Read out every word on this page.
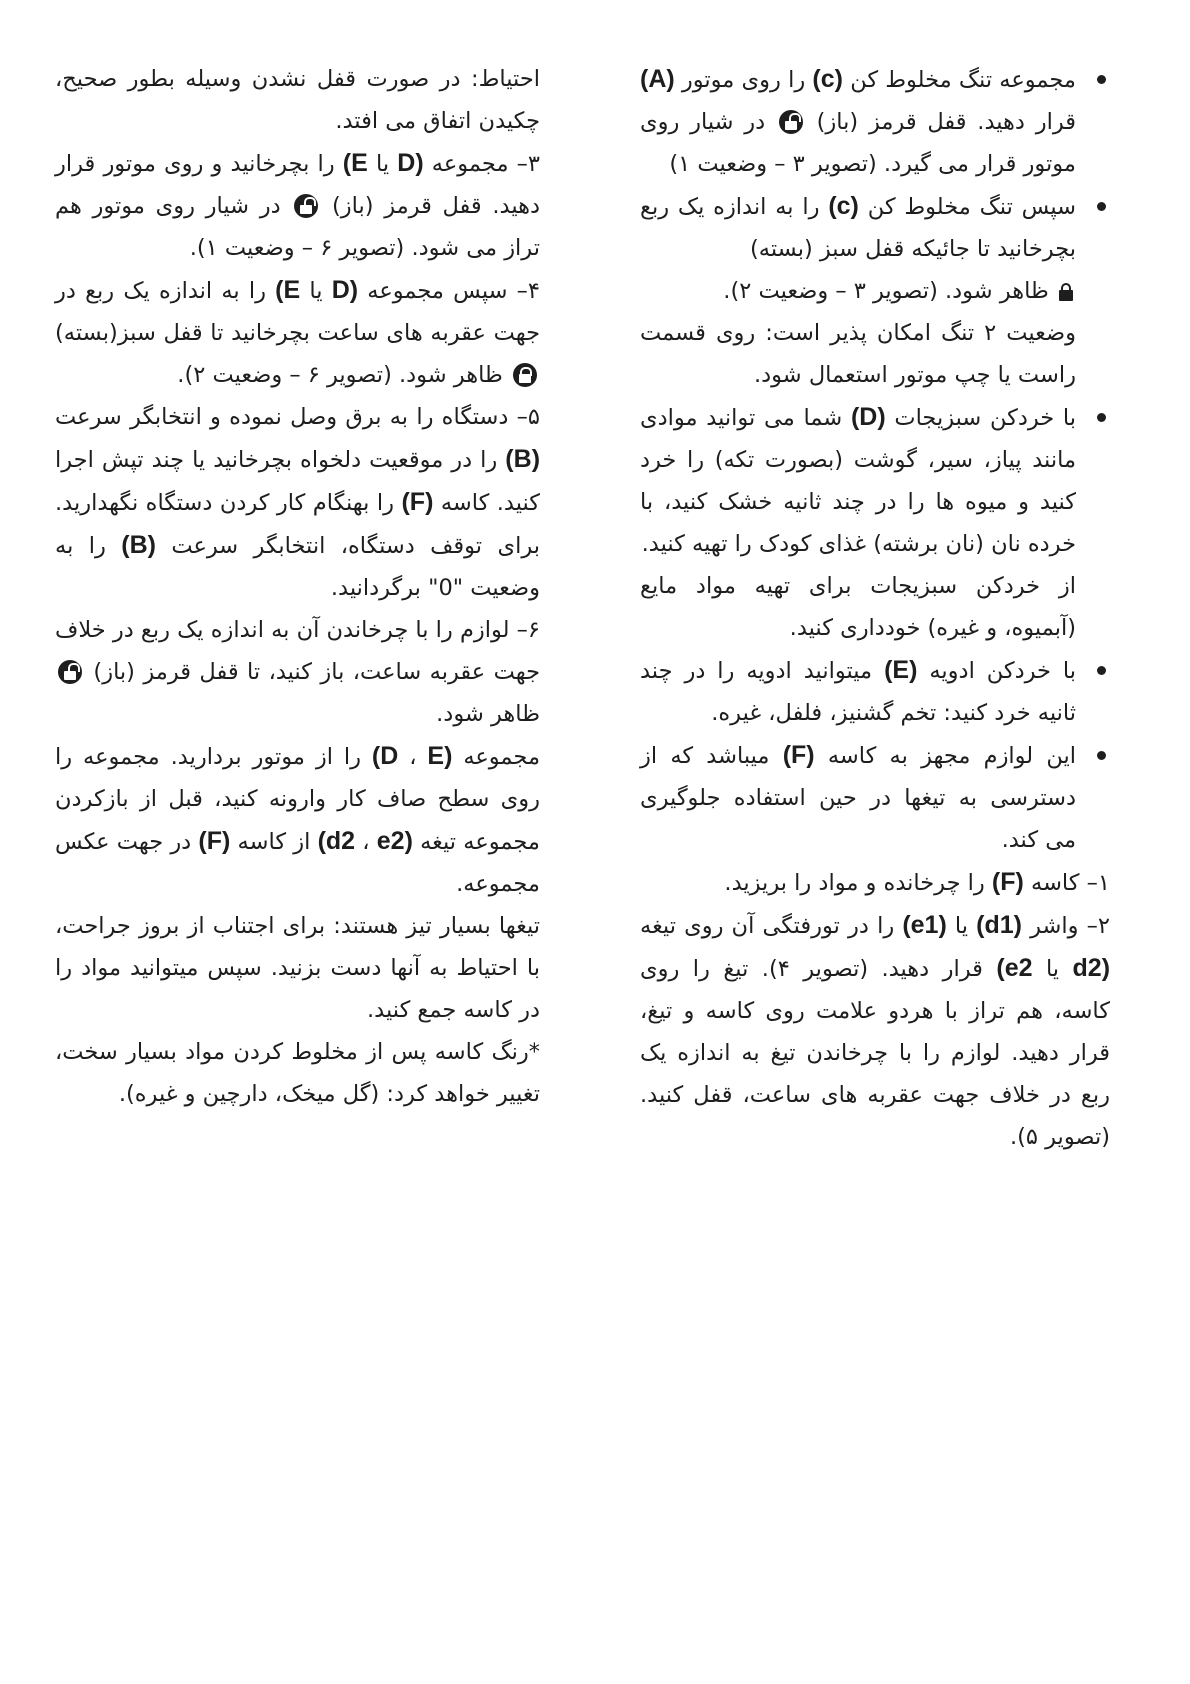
مجموعه تنگ مخلوط کن (c) را روی موتور (A) قرار دهید. قفل قرمز (باز)  در شیار روی موتور قرار می گیرد. (تصویر ۳ – وضعیت ۱)

سپس تنگ مخلوط کن (c) را به اندازه یک ربع بچرخانید تا جائیکه قفل سبز (بسته)
ظاهر شود. (تصویر ۳ – وضعیت ۲).

وضعیت ۲ تنگ امکان پذیر است: روی قسمت راست یا چپ موتور استعمال شود.

با خردکن سبزیجات (D) شما می توانید موادی مانند پیاز، سیر، گوشت (بصورت تکه) را خرد کنید و میوه ها را در چند ثانیه خشک کنید، با خرده نان (نان برشته) غذای کودک را تهیه کنید.

از خردکن سبزیجات برای تهیه مواد مایع (آبمیوه، و غیره) خودداری کنید.

با خردکن ادویه (E) میتوانید ادویه را در چند ثانیه خرد کنید: تخم گشنیز، فلفل، غیره.

این لوازم مجهز به کاسه (F) میباشد که از دسترسی به تیغها در حین استفاده جلوگیری می کند.

۱– کاسه (F) را چرخانده و مواد را بریزید.

۲– واشر (d1) یا (e1) را در تورفتگی آن روی تیغه (d2 یا e2) قرار دهید. (تصویر ۴). تیغ را روی کاسه، هم تراز با هردو علامت روی کاسه و تیغ، قرار دهید. لوازم را با چرخاندن تیغ به اندازه یک ربع در خلاف جهت عقربه های ساعت، قفل کنید. (تصویر ۵).

احتیاط: در صورت قفل نشدن وسیله بطور صحیح، چکیدن اتفاق می افتد.

۳– مجموعه (D یا E) را بچرخانید و روی موتور قرار دهید. قفل قرمز (باز)  در شیار روی موتور هم تراز می شود. (تصویر ۶ – وضعیت ۱).

۴– سپس مجموعه (D یا E) را به اندازه یک ربع در جهت عقربه های ساعت بچرخانید تا قفل سبز(بسته)  ظاهر شود. (تصویر ۶ – وضعیت ۲).

۵– دستگاه را به برق وصل نموده و انتخابگر سرعت (B) را در موقعیت دلخواه بچرخانید یا چند تپش اجرا کنید. کاسه (F) را بهنگام کار کردن دستگاه نگهدارید. برای توقف دستگاه، انتخابگر سرعت (B) را به وضعیت "0" برگردانید.

۶– لوازم را با چرخاندن آن به اندازه یک ربع در خلاف جهت عقربه ساعت، باز کنید، تا قفل قرمز (باز)  ظاهر شود.

مجموعه (D ، E) را از موتور بردارید. مجموعه را روی سطح صاف کار وارونه کنید، قبل از بازکردن مجموعه تیغه (d2 ، e2) از کاسه (F) در جهت عکس مجموعه.

تیغها بسیار تیز هستند: برای اجتناب از بروز جراحت، با احتیاط به آنها دست بزنید. سپس میتوانید مواد را در کاسه جمع کنید.

*رنگ کاسه پس از مخلوط کردن مواد بسیار سخت، تغییر خواهد کرد: (گل میخک، دارچین و غیره).
